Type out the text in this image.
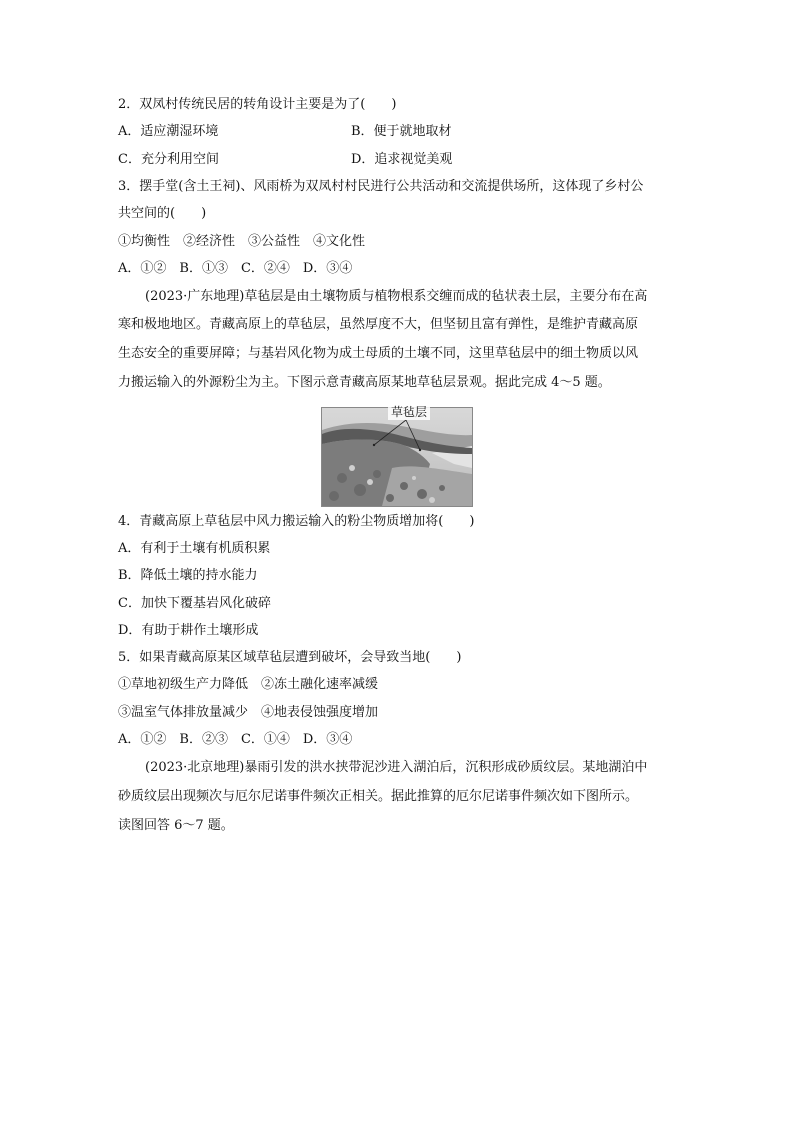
2．双凤村传统民居的转角设计主要是为了(　　)
A．适应潮湿环境	B．便于就地取材
C．充分利用空间	D．追求视觉美观
3．摆手堂(含土王祠)、风雨桥为双凤村村民进行公共活动和交流提供场所，这体现了乡村公
共空间的(　　)
①均衡性　②经济性　③公益性　④文化性
A．①②　B．①③　C．②④　D．③④
(2023·广东地理)草毡层是由土壤物质与植物根系交缠而成的毡状表土层，主要分布在高
寒和极地地区。青藏高原上的草毡层，虽然厚度不大，但坚韧且富有弹性，是维护青藏高原
生态安全的重要屏障；与基岩风化物为成土母质的土壤不同，这里草毡层中的细土物质以风
力搬运输入的外源粉尘为主。下图示意青藏高原某地草毡层景观。据此完成 4～5 题。
草毡层
4．青藏高原上草毡层中风力搬运输入的粉尘物质增加将(　　)
A．有利于土壤有机质积累
B．降低土壤的持水能力
C．加快下覆基岩风化破碎
D．有助于耕作土壤形成
5．如果青藏高原某区域草毡层遭到破坏，会导致当地(　　)
①草地初级生产力降低　②冻土融化速率减缓
③温室气体排放量减少　④地表侵蚀强度增加
A．①②　B．②③　C．①④　D．③④
(2023·北京地理)暴雨引发的洪水挟带泥沙进入湖泊后，沉积形成砂质纹层。某地湖泊中
砂质纹层出现频次与厄尔尼诺事件频次正相关。据此推算的厄尔尼诺事件频次如下图所示。
读图回答 6～7 题。
